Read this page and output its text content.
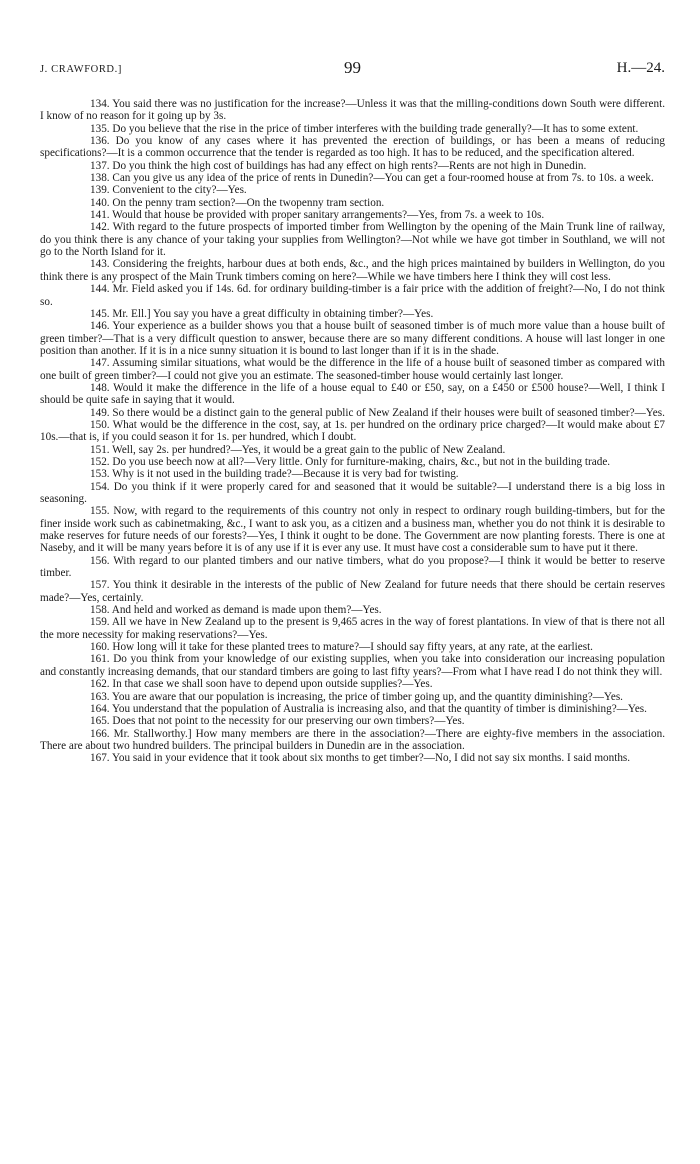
J. CRAWFORD.]	99	H.—24.

134. You said there was no justification for the increase?—Unless it was that the milling-conditions down South were different. I know of no reason for it going up by 3s.

135. Do you believe that the rise in the price of timber interferes with the building trade generally?—It has to some extent.

136. Do you know of any cases where it has prevented the erection of buildings, or has been a means of reducing specifications?—It is a common occurrence that the tender is regarded as too high. It has to be reduced, and the specification altered.

137. Do you think the high cost of buildings has had any effect on high rents?—Rents are not high in Dunedin.

138. Can you give us any idea of the price of rents in Dunedin?—You can get a four-roomed house at from 7s. to 10s. a week.

139. Convenient to the city?—Yes.

140. On the penny tram section?—On the twopenny tram section.

141. Would that house be provided with proper sanitary arrangements?—Yes, from 7s. a week to 10s.

142. With regard to the future prospects of imported timber from Wellington by the opening of the Main Trunk line of railway, do you think there is any chance of your taking your supplies from Wellington?—Not while we have got timber in Southland, we will not go to the North Island for it.

143. Considering the freights, harbour dues at both ends, &c., and the high prices maintained by builders in Wellington, do you think there is any prospect of the Main Trunk timbers coming on here?—While we have timbers here I think they will cost less.

144. Mr. Field asked you if 14s. 6d. for ordinary building-timber is a fair price with the addition of freight?—No, I do not think so.

145. Mr. Ell.] You say you have a great difficulty in obtaining timber?—Yes.

146. Your experience as a builder shows you that a house built of seasoned timber is of much more value than a house built of green timber?—That is a very difficult question to answer, because there are so many different conditions. A house will last longer in one position than another. If it is in a nice sunny situation it is bound to last longer than if it is in the shade.

147. Assuming similar situations, what would be the difference in the life of a house built of seasoned timber as compared with one built of green timber?—I could not give you an estimate. The seasoned-timber house would certainly last longer.

148. Would it make the difference in the life of a house equal to £40 or £50, say, on a £450 or £500 house?—Well, I think I should be quite safe in saying that it would.

149. So there would be a distinct gain to the general public of New Zealand if their houses were built of seasoned timber?—Yes.

150. What would be the difference in the cost, say, at 1s. per hundred on the ordinary price charged?—It would make about £7 10s.—that is, if you could season it for 1s. per hundred, which I doubt.

151. Well, say 2s. per hundred?—Yes, it would be a great gain to the public of New Zealand.

152. Do you use beech now at all?—Very little. Only for furniture-making, chairs, &c., but not in the building trade.

153. Why is it not used in the building trade?—Because it is very bad for twisting.

154. Do you think if it were properly cared for and seasoned that it would be suitable?—I understand there is a big loss in seasoning.

155. Now, with regard to the requirements of this country not only in respect to ordinary rough building-timbers, but for the finer inside work such as cabinetmaking, &c., I want to ask you, as a citizen and a business man, whether you do not think it is desirable to make reserves for future needs of our forests?—Yes, I think it ought to be done. The Government are now planting forests. There is one at Naseby, and it will be many years before it is of any use if it is ever any use. It must have cost a considerable sum to have put it there.

156. With regard to our planted timbers and our native timbers, what do you propose?—I think it would be better to reserve timber.

157. You think it desirable in the interests of the public of New Zealand for future needs that there should be certain reserves made?—Yes, certainly.

158. And held and worked as demand is made upon them?—Yes.

159. All we have in New Zealand up to the present is 9,465 acres in the way of forest plantations. In view of that is there not all the more necessity for making reservations?—Yes.

160. How long will it take for these planted trees to mature?—I should say fifty years, at any rate, at the earliest.

161. Do you think from your knowledge of our existing supplies, when you take into consideration our increasing population and constantly increasing demands, that our standard timbers are going to last fifty years?—From what I have read I do not think they will.

162. In that case we shall soon have to depend upon outside supplies?—Yes.

163. You are aware that our population is increasing, the price of timber going up, and the quantity diminishing?—Yes.

164. You understand that the population of Australia is increasing also, and that the quantity of timber is diminishing?—Yes.

165. Does that not point to the necessity for our preserving our own timbers?—Yes.

166. Mr. Stallworthy.] How many members are there in the association?—There are eighty-five members in the association. There are about two hundred builders. The principal builders in Dunedin are in the association.

167. You said in your evidence that it took about six months to get timber?—No, I did not say six months. I said months.
